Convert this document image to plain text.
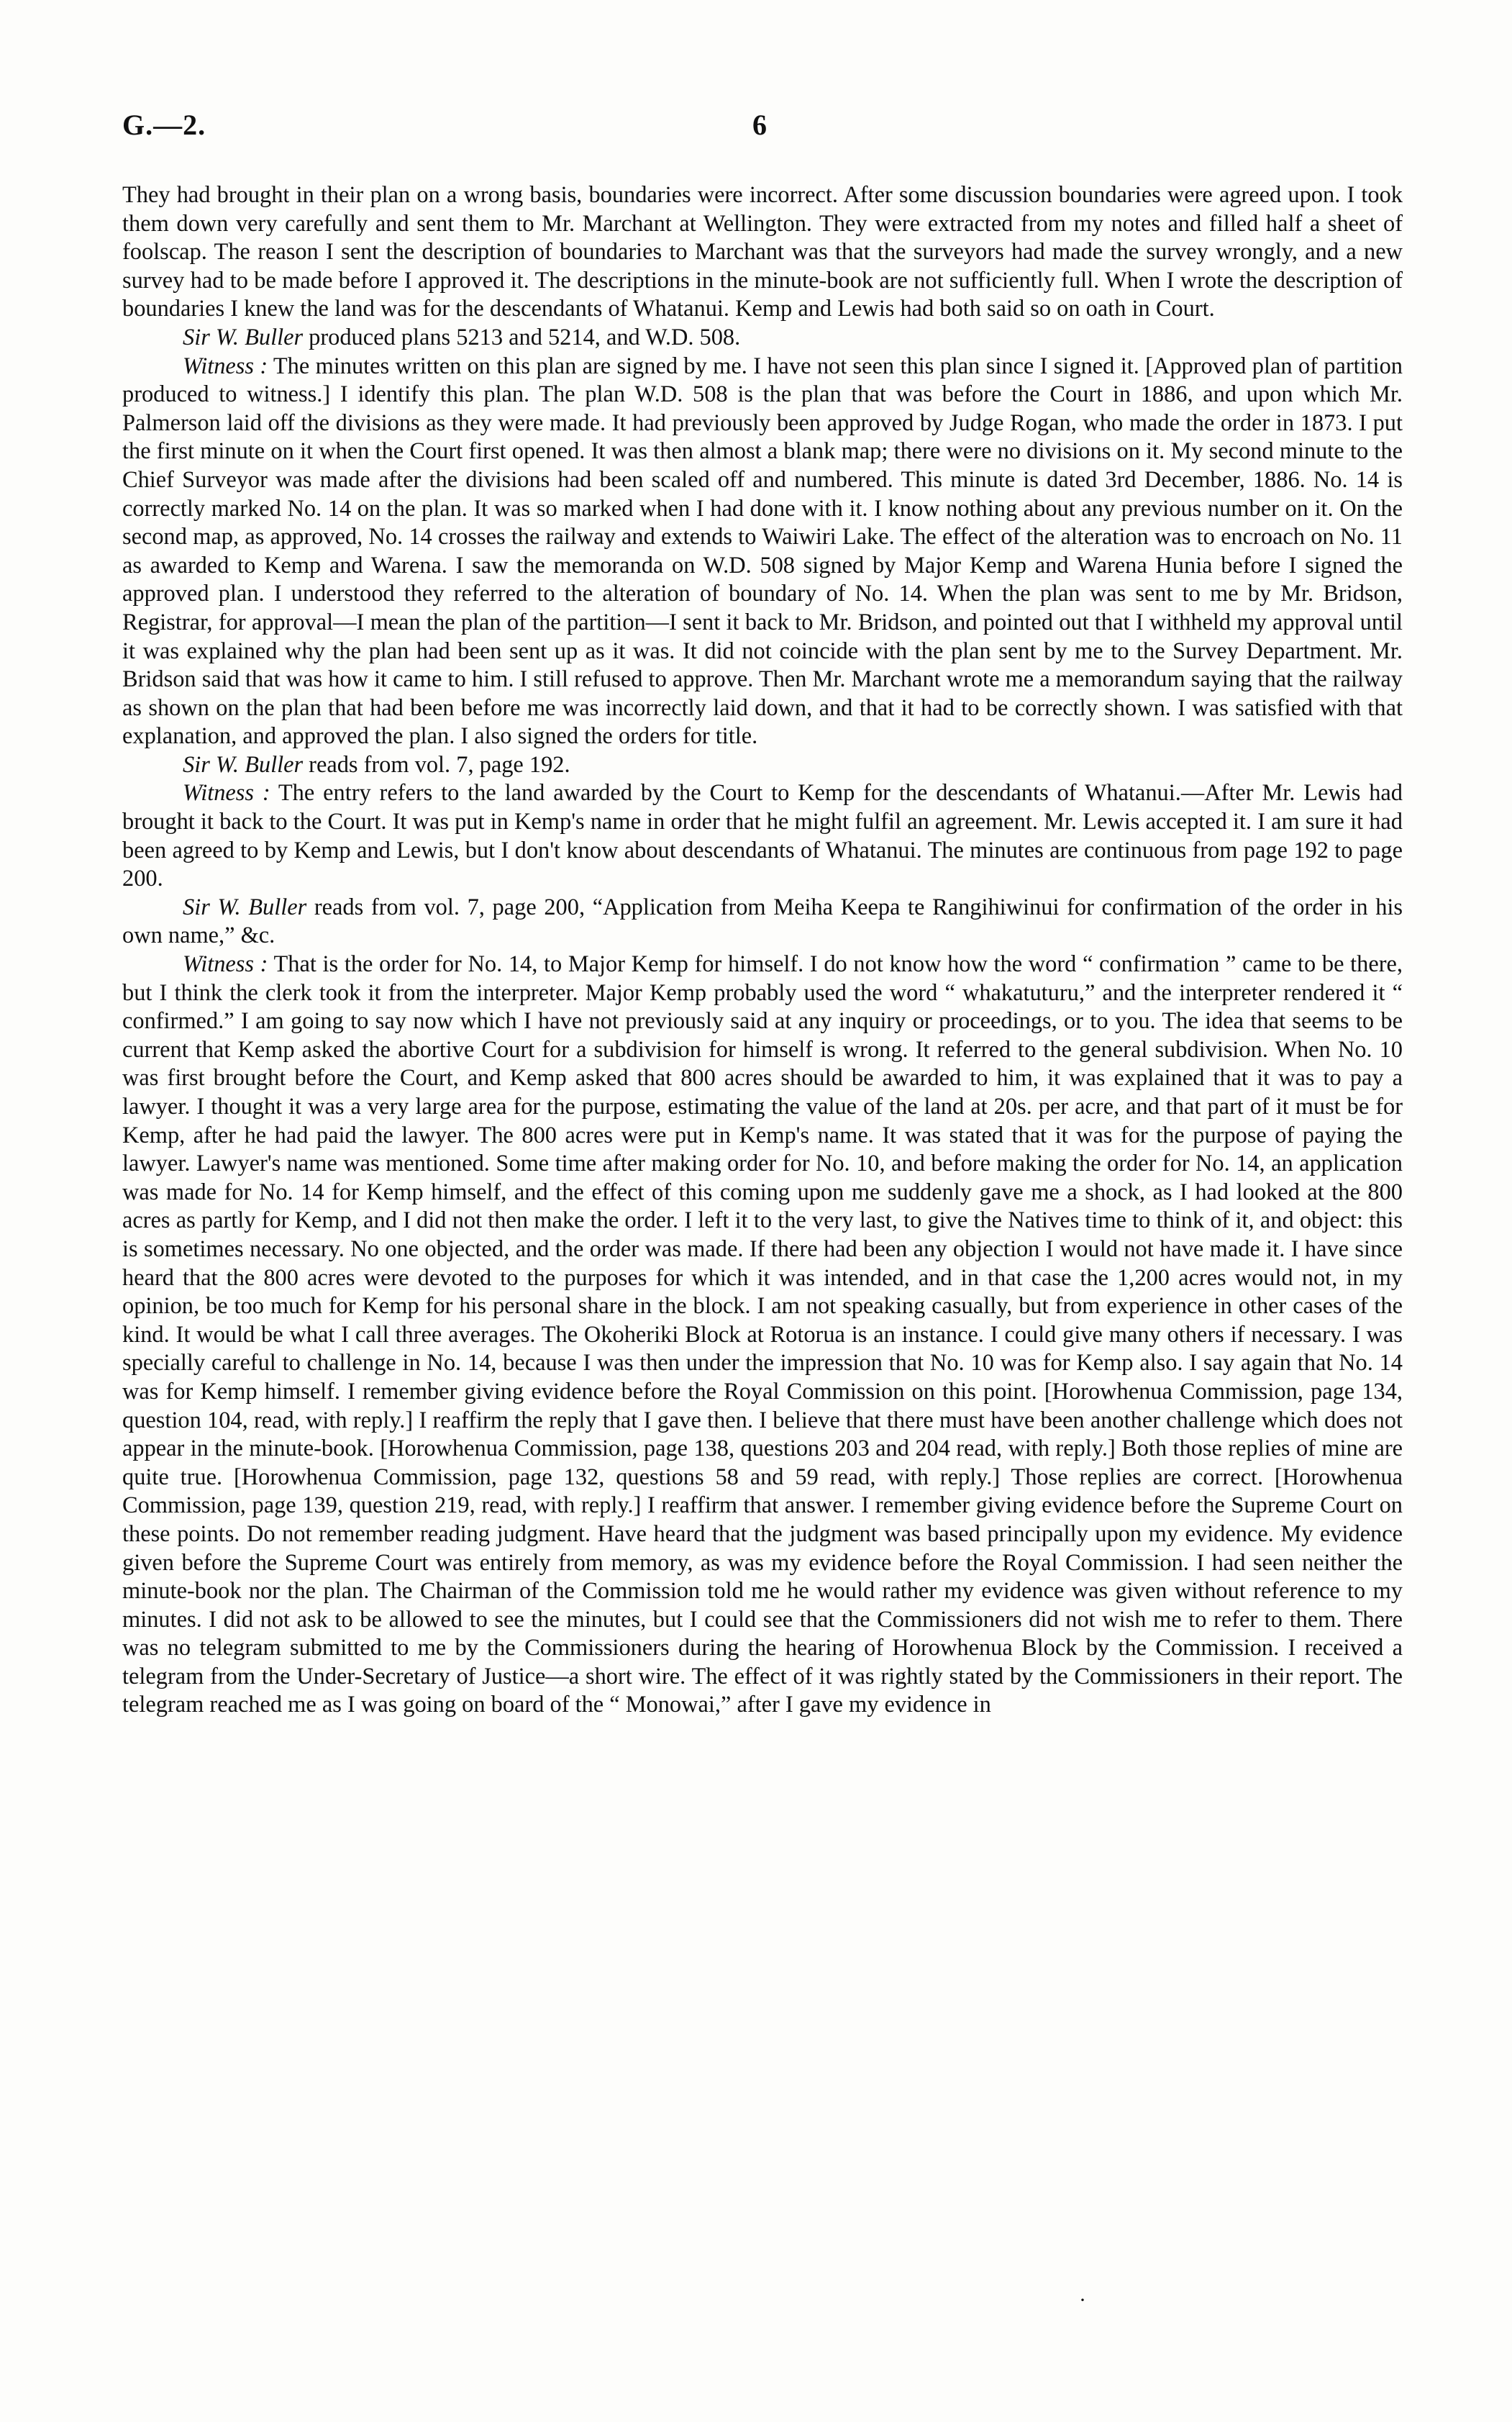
G.—2.	6

They had brought in their plan on a wrong basis, boundaries were incorrect. After some discussion boundaries were agreed upon. I took them down very carefully and sent them to Mr. Marchant at Wellington. They were extracted from my notes and filled half a sheet of foolscap. The reason I sent the description of boundaries to Marchant was that the surveyors had made the survey wrongly, and a new survey had to be made before I approved it. The descriptions in the minute-book are not sufficiently full. When I wrote the description of boundaries I knew the land was for the descendants of Whatanui. Kemp and Lewis had both said so on oath in Court.

Sir W. Buller produced plans 5213 and 5214, and W.D. 508.

Witness : The minutes written on this plan are signed by me. I have not seen this plan since I signed it. [Approved plan of partition produced to witness.] I identify this plan. The plan W.D. 508 is the plan that was before the Court in 1886, and upon which Mr. Palmerson laid off the divisions as they were made. It had previously been approved by Judge Rogan, who made the order in 1873. I put the first minute on it when the Court first opened. It was then almost a blank map; there were no divisions on it. My second minute to the Chief Surveyor was made after the divisions had been scaled off and numbered. This minute is dated 3rd December, 1886. No. 14 is correctly marked No. 14 on the plan. It was so marked when I had done with it. I know nothing about any previous number on it. On the second map, as approved, No. 14 crosses the railway and extends to Waiwiri Lake. The effect of the alteration was to encroach on No. 11 as awarded to Kemp and Warena. I saw the memoranda on W.D. 508 signed by Major Kemp and Warena Hunia before I signed the approved plan. I understood they referred to the alteration of boundary of No. 14. When the plan was sent to me by Mr. Bridson, Registrar, for approval—I mean the plan of the partition—I sent it back to Mr. Bridson, and pointed out that I withheld my approval until it was explained why the plan had been sent up as it was. It did not coincide with the plan sent by me to the Survey Department. Mr. Bridson said that was how it came to him. I still refused to approve. Then Mr. Marchant wrote me a memorandum saying that the railway as shown on the plan that had been before me was incorrectly laid down, and that it had to be correctly shown. I was satisfied with that explanation, and approved the plan. I also signed the orders for title.

Sir W. Buller reads from vol. 7, page 192.

Witness : The entry refers to the land awarded by the Court to Kemp for the descendants of Whatanui.—After Mr. Lewis had brought it back to the Court. It was put in Kemp's name in order that he might fulfil an agreement. Mr. Lewis accepted it. I am sure it had been agreed to by Kemp and Lewis, but I don't know about descendants of Whatanui. The minutes are continuous from page 192 to page 200.

Sir W. Buller reads from vol. 7, page 200, “Application from Meiha Keepa te Rangihiwinui for confirmation of the order in his own name,” &c.

Witness : That is the order for No. 14, to Major Kemp for himself. I do not know how the word “ confirmation ” came to be there, but I think the clerk took it from the interpreter. Major Kemp probably used the word “ whakatuturu,” and the interpreter rendered it “ confirmed.” I am going to say now which I have not previously said at any inquiry or proceedings, or to you. The idea that seems to be current that Kemp asked the abortive Court for a subdivision for himself is wrong. It referred to the general subdivision. When No. 10 was first brought before the Court, and Kemp asked that 800 acres should be awarded to him, it was explained that it was to pay a lawyer. I thought it was a very large area for the purpose, estimating the value of the land at 20s. per acre, and that part of it must be for Kemp, after he had paid the lawyer. The 800 acres were put in Kemp's name. It was stated that it was for the purpose of paying the lawyer. Lawyer's name was mentioned. Some time after making order for No. 10, and before making the order for No. 14, an application was made for No. 14 for Kemp himself, and the effect of this coming upon me suddenly gave me a shock, as I had looked at the 800 acres as partly for Kemp, and I did not then make the order. I left it to the very last, to give the Natives time to think of it, and object: this is sometimes necessary. No one objected, and the order was made. If there had been any objection I would not have made it. I have since heard that the 800 acres were devoted to the purposes for which it was intended, and in that case the 1,200 acres would not, in my opinion, be too much for Kemp for his personal share in the block. I am not speaking casually, but from experience in other cases of the kind. It would be what I call three averages. The Okoheriki Block at Rotorua is an instance. I could give many others if necessary. I was specially careful to challenge in No. 14, because I was then under the impression that No. 10 was for Kemp also. I say again that No. 14 was for Kemp himself. I remember giving evidence before the Royal Commission on this point. [Horowhenua Commission, page 134, question 104, read, with reply.] I reaffirm the reply that I gave then. I believe that there must have been another challenge which does not appear in the minute-book. [Horowhenua Commission, page 138, questions 203 and 204 read, with reply.] Both those replies of mine are quite true. [Horowhenua Commission, page 132, questions 58 and 59 read, with reply.] Those replies are correct. [Horowhenua Commission, page 139, question 219, read, with reply.] I reaffirm that answer. I remember giving evidence before the Supreme Court on these points. Do not remember reading judgment. Have heard that the judgment was based principally upon my evidence. My evidence given before the Supreme Court was entirely from memory, as was my evidence before the Royal Commission. I had seen neither the minute-book nor the plan. The Chairman of the Commission told me he would rather my evidence was given without reference to my minutes. I did not ask to be allowed to see the minutes, but I could see that the Commissioners did not wish me to refer to them. There was no telegram submitted to me by the Commissioners during the hearing of Horowhenua Block by the Commission. I received a telegram from the Under-Secretary of Justice—a short wire. The effect of it was rightly stated by the Commissioners in their report. The telegram reached me as I was going on board of the “ Monowai,” after I gave my evidence in

·
